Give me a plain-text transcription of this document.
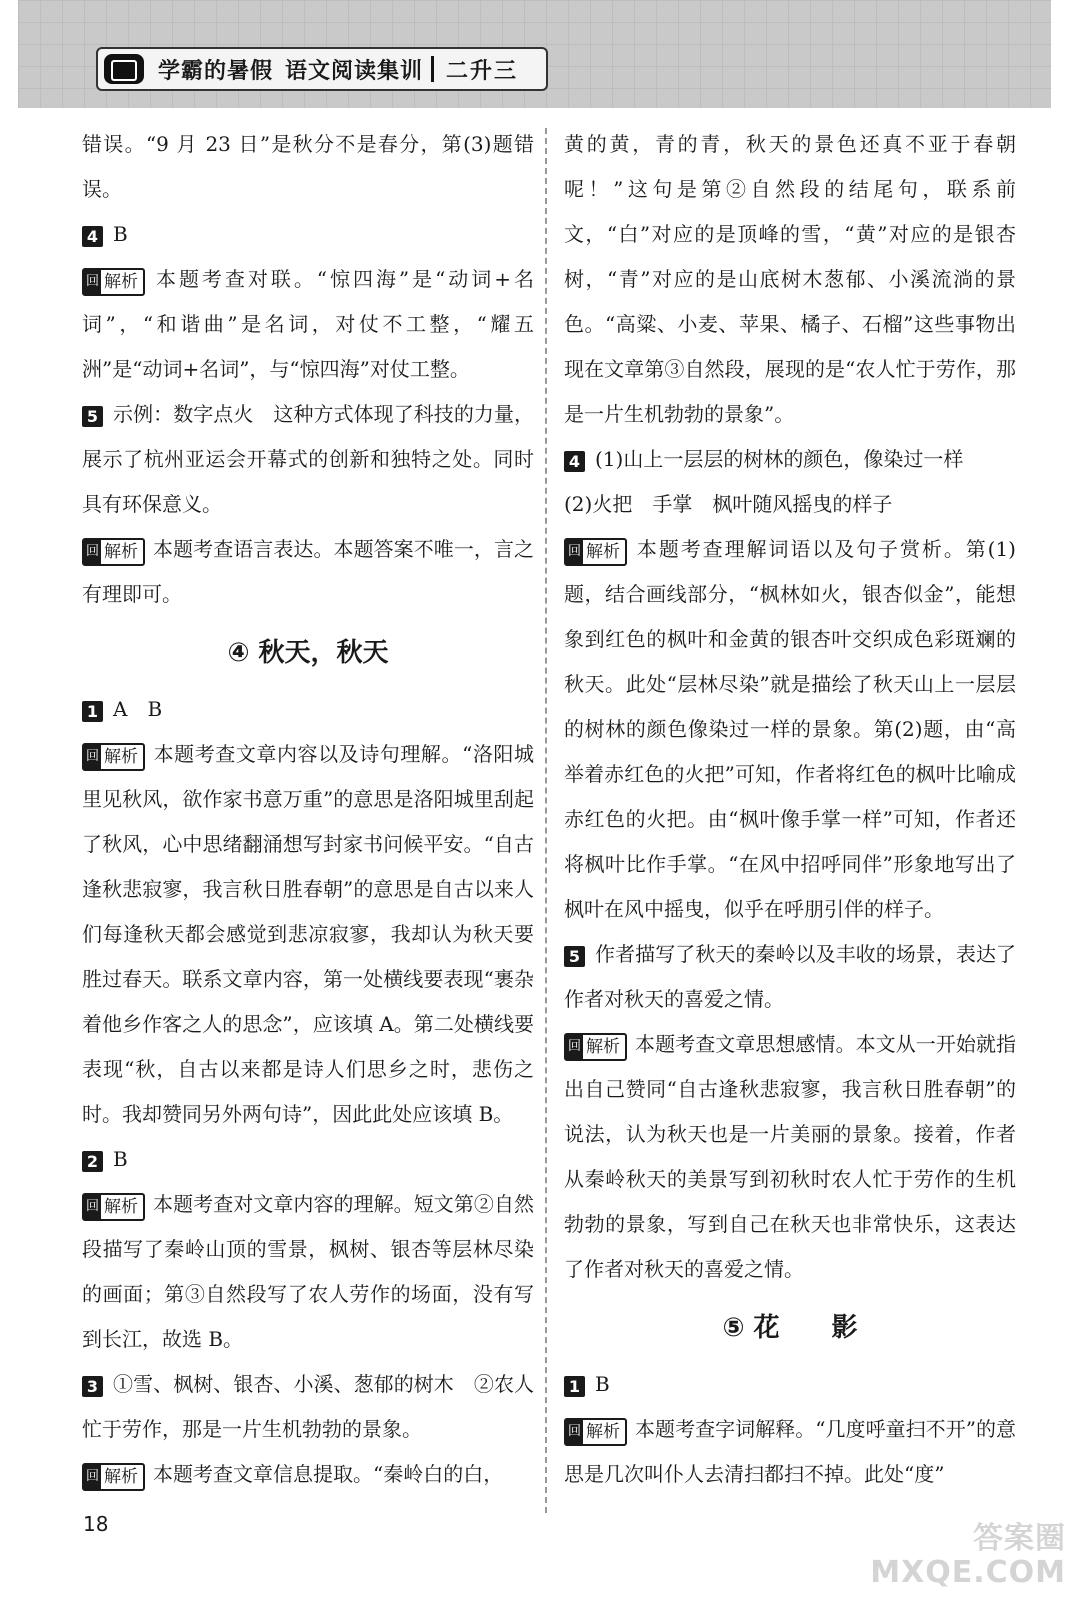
学霸的暑假 语文阅读集训 二升三

错误。“9 月 23 日”是秋分不是春分，第(3)题错误。

4 B

回 解析 本题考查对联。“惊四海”是“动词+名词”，“和谐曲”是名词，对仗不工整，“耀五洲”是“动词+名词”，与“惊四海”对仗工整。

5 示例：数字点火　这种方式体现了科技的力量，展示了杭州亚运会开幕式的创新和独特之处。同时具有环保意义。

回 解析 本题考查语言表达。本题答案不唯一，言之有理即可。

④ 秋天，秋天

1 A　B

回 解析 本题考查文章内容以及诗句理解。“洛阳城里见秋风，欲作家书意万重”的意思是洛阳城里刮起了秋风，心中思绪翻涌想写封家书问候平安。“自古逢秋悲寂寥，我言秋日胜春朝”的意思是自古以来人们每逢秋天都会感觉到悲凉寂寥，我却认为秋天要胜过春天。联系文章内容，第一处横线要表现“裹杂着他乡作客之人的思念”，应该填 A。第二处横线要表现“秋，自古以来都是诗人们思乡之时，悲伤之时。我却赞同另外两句诗”，因此此处应该填 B。

2 B

回 解析 本题考查对文章内容的理解。短文第②自然段描写了秦岭山顶的雪景，枫树、银杏等层林尽染的画面；第③自然段写了农人劳作的场面，没有写到长江，故选 B。

3 ①雪、枫树、银杏、小溪、葱郁的树木　②农人忙于劳作，那是一片生机勃勃的景象。

回 解析 本题考查文章信息提取。“秦岭白的白，

黄的黄，青的青，秋天的景色还真不亚于春朝呢！”这句是第②自然段的结尾句，联系前文，“白”对应的是顶峰的雪，“黄”对应的是银杏树，“青”对应的是山底树木葱郁、小溪流淌的景色。“高粱、小麦、苹果、橘子、石榴”这些事物出现在文章第③自然段，展现的是“农人忙于劳作，那是一片生机勃勃的景象”。

4 (1)山上一层层的树林的颜色，像染过一样

(2)火把　手掌　枫叶随风摇曳的样子

回 解析 本题考查理解词语以及句子赏析。第(1)题，结合画线部分，“枫林如火，银杏似金”，能想象到红色的枫叶和金黄的银杏叶交织成色彩斑斓的秋天。此处“层林尽染”就是描绘了秋天山上一层层的树林的颜色像染过一样的景象。第(2)题，由“高举着赤红色的火把”可知，作者将红色的枫叶比喻成赤红色的火把。由“枫叶像手掌一样”可知，作者还将枫叶比作手掌。“在风中招呼同伴”形象地写出了枫叶在风中摇曳，似乎在呼朋引伴的样子。

5 作者描写了秋天的秦岭以及丰收的场景，表达了作者对秋天的喜爱之情。

回 解析 本题考查文章思想感情。本文从一开始就指出自己赞同“自古逢秋悲寂寥，我言秋日胜春朝”的说法，认为秋天也是一片美丽的景象。接着，作者从秦岭秋天的美景写到初秋时农人忙于劳作的生机勃勃的景象，写到自己在秋天也非常快乐，这表达了作者对秋天的喜爱之情。

⑤ 花　　影

1 B

回 解析 本题考查字词解释。“几度呼童扫不开”的意思是几次叫仆人去清扫都扫不掉。此处“度”

18	答案圈
MXQE.COM
